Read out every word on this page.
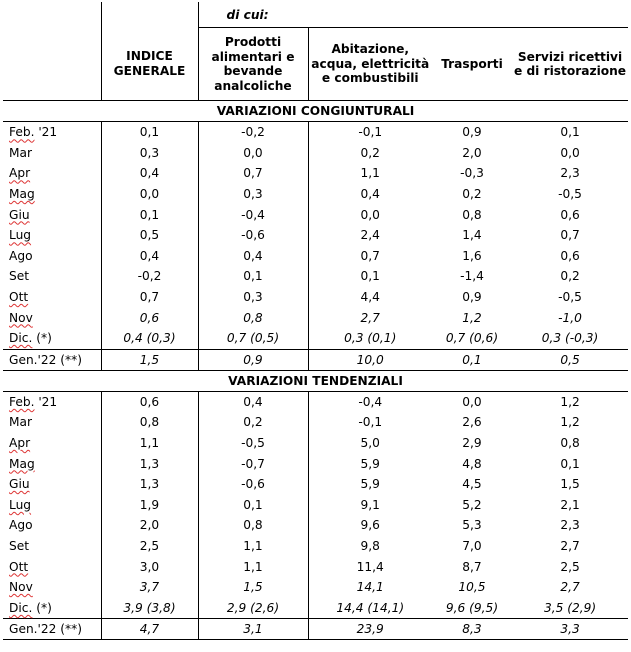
		di cui:			
	INDICE GENERALE	Prodotti alimentari e bevande analcoliche	Abitazione, acqua, elettricità e combustibili	Trasporti	Servizi ricettivi e di ristorazione
VARIAZIONI CONGIUNTURALI					
Feb. '21	0,1	-0,2	-0,1	0,9	0,1
Mar	0,3	0,0	0,2	2,0	0,0
Apr	0,4	0,7	1,1	-0,3	2,3
Mag	0,0	0,3	0,4	0,2	-0,5
Giu	0,1	-0,4	0,0	0,8	0,6
Lug	0,5	-0,6	2,4	1,4	0,7
Ago	0,4	0,4	0,7	1,6	0,6
Set	-0,2	0,1	0,1	-1,4	0,2
Ott	0,7	0,3	4,4	0,9	-0,5
Nov	0,6	0,8	2,7	1,2	-1,0
Dic. (*)	0,4 (0,3)	0,7 (0,5)	0,3 (0,1)	0,7 (0,6)	0,3 (-0,3)
Gen.'22 (**)	1,5	0,9	10,0	0,1	0,5
VARIAZIONI TENDENZIALI					
Feb. '21	0,6	0,4	-0,4	0,0	1,2
Mar	0,8	0,2	-0,1	2,6	1,2
Apr	1,1	-0,5	5,0	2,9	0,8
Mag	1,3	-0,7	5,9	4,8	0,1
Giu	1,3	-0,6	5,9	4,5	1,5
Lug	1,9	0,1	9,1	5,2	2,1
Ago	2,0	0,8	9,6	5,3	2,3
Set	2,5	1,1	9,8	7,0	2,7
Ott	3,0	1,1	11,4	8,7	2,5
Nov	3,7	1,5	14,1	10,5	2,7
Dic. (*)	3,9 (3,8)	2,9 (2,6)	14,4 (14,1)	9,6 (9,5)	3,5 (2,9)
Gen.'22 (**)	4,7	3,1	23,9	8,3	3,3
